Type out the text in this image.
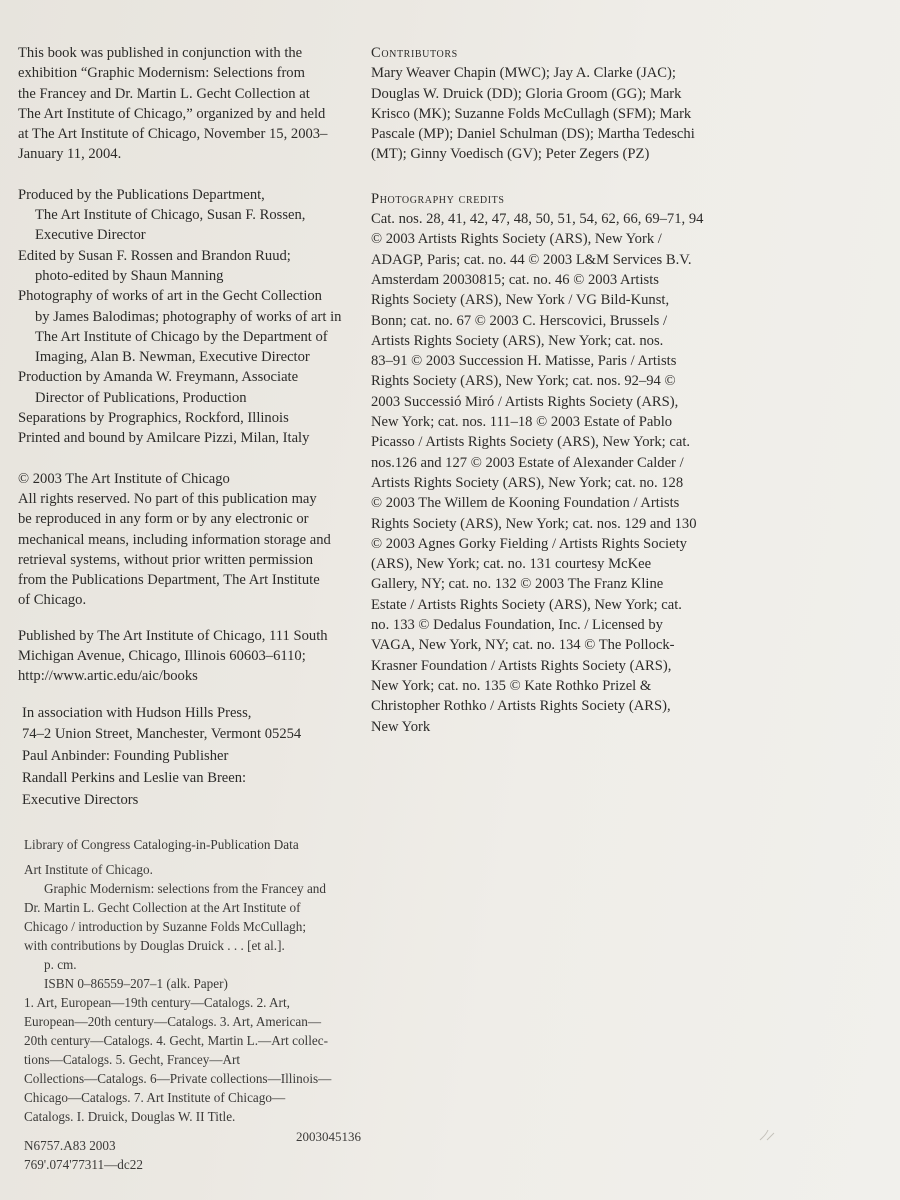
This book was published in conjunction with the
exhibition “Graphic Modernism: Selections from
the Francey and Dr. Martin L. Gecht Collection at
The Art Institute of Chicago,” organized by and held
at The Art Institute of Chicago, November 15, 2003–
January 11, 2004.

Produced by the Publications Department,
The Art Institute of Chicago, Susan F. Rossen,
Executive Director
Edited by Susan F. Rossen and Brandon Ruud;
photo-edited by Shaun Manning
Photography of works of art in the Gecht Collection
by James Balodimas; photography of works of art in
The Art Institute of Chicago by the Department of
Imaging, Alan B. Newman, Executive Director
Production by Amanda W. Freymann, Associate
Director of Publications, Production
Separations by Prographics, Rockford, Illinois
Printed and bound by Amilcare Pizzi, Milan, Italy

© 2003 The Art Institute of Chicago
All rights reserved. No part of this publication may
be reproduced in any form or by any electronic or
mechanical means, including information storage and
retrieval systems, without prior written permission
from the Publications Department, The Art Institute
of Chicago.

Published by The Art Institute of Chicago, 111 South
Michigan Avenue, Chicago, Illinois 60603–6110;
http://www.artic.edu/aic/books

In association with Hudson Hills Press,
74–2 Union Street, Manchester, Vermont 05254
Paul Anbinder: Founding Publisher
Randall Perkins and Leslie van Breen:
Executive Directors

Library of Congress Cataloging-in-Publication Data

Art Institute of Chicago.
Graphic Modernism: selections from the Francey and
Dr. Martin L. Gecht Collection at the Art Institute of
Chicago / introduction by Suzanne Folds McCullagh;
with contributions by Douglas Druick . . . [et al.].
p. cm.
ISBN 0–86559–207–1 (alk. Paper)
1. Art, European—19th century—Catalogs. 2. Art,
European—20th century—Catalogs. 3. Art, American—
20th century—Catalogs. 4. Gecht, Martin L.—Art collec-
tions—Catalogs. 5. Gecht, Francey—Art
Collections—Catalogs. 6—Private collections—Illinois—
Chicago—Catalogs. 7. Art Institute of Chicago—
Catalogs. I. Druick, Douglas W. II Title.

N6757.A83 2003
769'.074'77311—dc22

2003045136

Contributors

Mary Weaver Chapin (MWC); Jay A. Clarke (JAC);
Douglas W. Druick (DD); Gloria Groom (GG); Mark
Krisco (MK); Suzanne Folds McCullagh (SFM); Mark
Pascale (MP); Daniel Schulman (DS); Martha Tedeschi
(MT); Ginny Voedisch (GV); Peter Zegers (PZ)

Photography credits

Cat. nos. 28, 41, 42, 47, 48, 50, 51, 54, 62, 66, 69–71, 94
© 2003 Artists Rights Society (ARS), New York /
ADAGP, Paris; cat. no. 44 © 2003 L&M Services B.V.
Amsterdam 20030815; cat. no. 46 © 2003 Artists
Rights Society (ARS), New York / VG Bild-Kunst,
Bonn; cat. no. 67 © 2003 C. Herscovici, Brussels /
Artists Rights Society (ARS), New York; cat. nos.
83–91 © 2003 Succession H. Matisse, Paris / Artists
Rights Society (ARS), New York; cat. nos. 92–94 ©
2003 Successió Miró / Artists Rights Society (ARS),
New York; cat. nos. 111–18 © 2003 Estate of Pablo
Picasso / Artists Rights Society (ARS), New York; cat.
nos.126 and 127 © 2003 Estate of Alexander Calder /
Artists Rights Society (ARS), New York; cat. no. 128
© 2003 The Willem de Kooning Foundation / Artists
Rights Society (ARS), New York; cat. nos. 129 and 130
© 2003 Agnes Gorky Fielding / Artists Rights Society
(ARS), New York; cat. no. 131 courtesy McKee
Gallery, NY; cat. no. 132 © 2003 The Franz Kline
Estate / Artists Rights Society (ARS), New York; cat.
no. 133 © Dedalus Foundation, Inc. / Licensed by
VAGA, New York, NY; cat. no. 134 © The Pollock-
Krasner Foundation / Artists Rights Society (ARS),
New York; cat. no. 135 © Kate Rothko Prizel &
Christopher Rothko / Artists Rights Society (ARS),
New York
